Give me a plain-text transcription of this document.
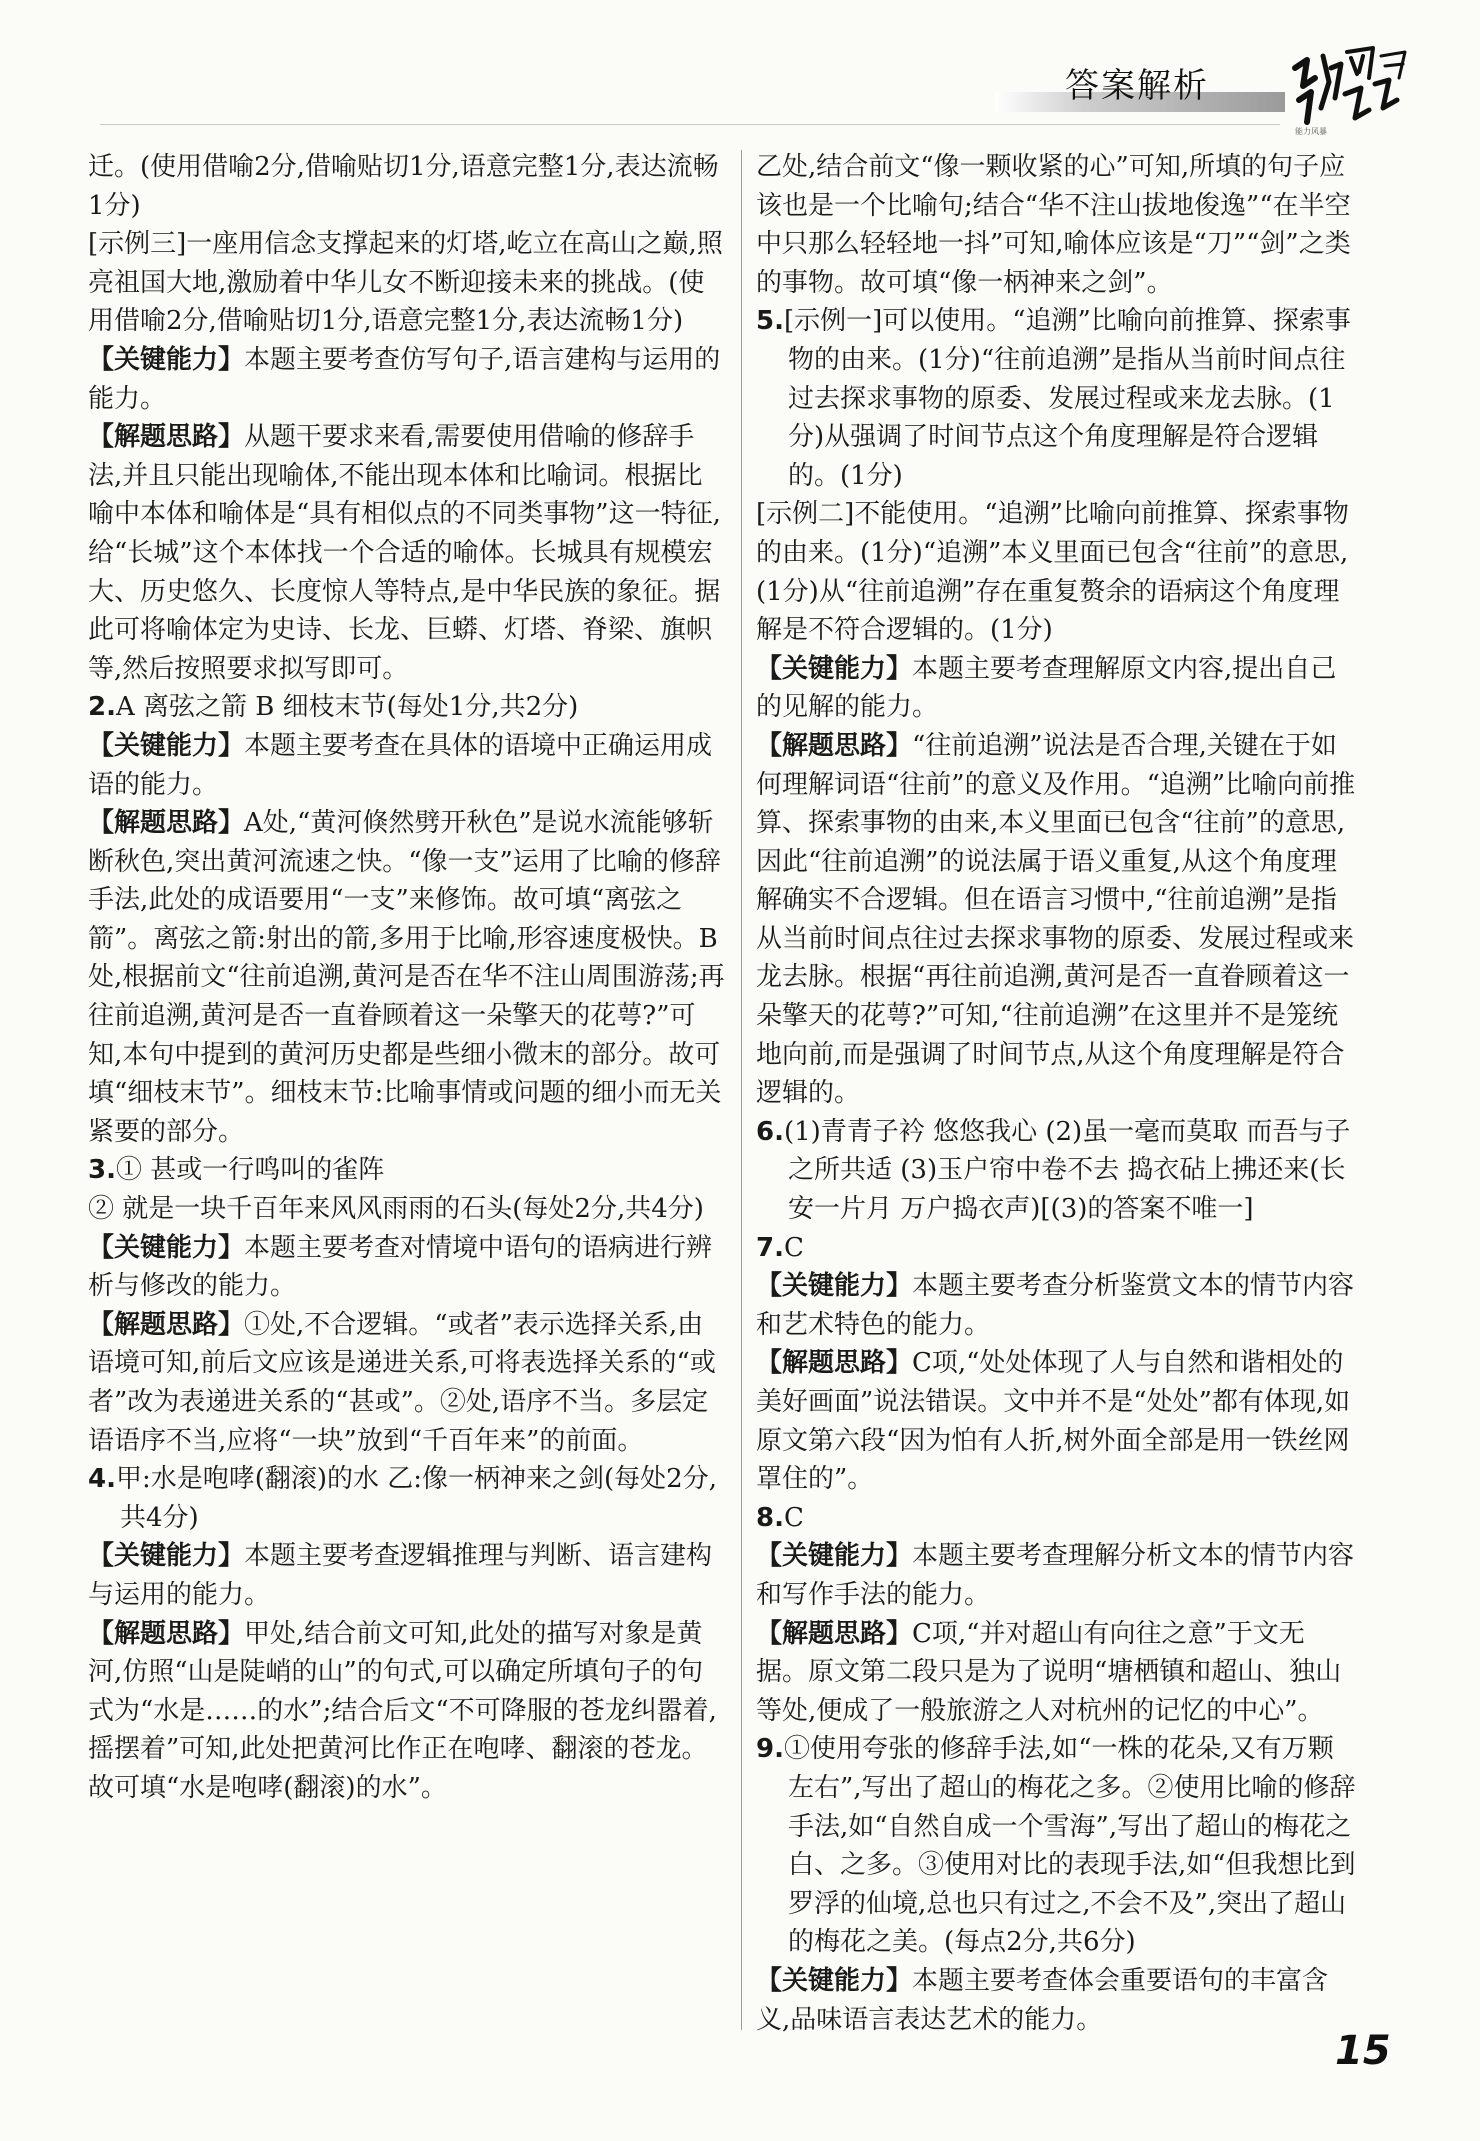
答案解析
能力风暴

迁。(使用借喻2分,借喻贴切1分,语意完整1分,表达流畅1分)

[示例三]一座用信念支撑起来的灯塔,屹立在高山之巅,照亮祖国大地,激励着中华儿女不断迎接未来的挑战。(使用借喻2分,借喻贴切1分,语意完整1分,表达流畅1分)

【关键能力】本题主要考查仿写句子,语言建构与运用的能力。

【解题思路】从题干要求来看,需要使用借喻的修辞手法,并且只能出现喻体,不能出现本体和比喻词。根据比喻中本体和喻体是“具有相似点的不同类事物”这一特征,给“长城”这个本体找一个合适的喻体。长城具有规模宏大、历史悠久、长度惊人等特点,是中华民族的象征。据此可将喻体定为史诗、长龙、巨蟒、灯塔、脊梁、旗帜等,然后按照要求拟写即可。

2.A 离弦之箭 B 细枝末节(每处1分,共2分)

【关键能力】本题主要考查在具体的语境中正确运用成语的能力。

【解题思路】A处,“黄河倏然劈开秋色”是说水流能够斩断秋色,突出黄河流速之快。“像一支”运用了比喻的修辞手法,此处的成语要用“一支”来修饰。故可填“离弦之箭”。离弦之箭:射出的箭,多用于比喻,形容速度极快。B处,根据前文“往前追溯,黄河是否在华不注山周围游荡;再往前追溯,黄河是否一直眷顾着这一朵擎天的花萼?”可知,本句中提到的黄河历史都是些细小微末的部分。故可填“细枝末节”。细枝末节:比喻事情或问题的细小而无关紧要的部分。

3.① 甚或一行鸣叫的雀阵

② 就是一块千百年来风风雨雨的石头(每处2分,共4分)

【关键能力】本题主要考查对情境中语句的语病进行辨析与修改的能力。

【解题思路】①处,不合逻辑。“或者”表示选择关系,由语境可知,前后文应该是递进关系,可将表选择关系的“或者”改为表递进关系的“甚或”。②处,语序不当。多层定语语序不当,应将“一块”放到“千百年来”的前面。

4.甲:水是咆哮(翻滚)的水 乙:像一柄神来之剑(每处2分,共4分)

【关键能力】本题主要考查逻辑推理与判断、语言建构与运用的能力。

【解题思路】甲处,结合前文可知,此处的描写对象是黄河,仿照“山是陡峭的山”的句式,可以确定所填句子的句式为“水是……的水”;结合后文“不可降服的苍龙纠嚣着,摇摆着”可知,此处把黄河比作正在咆哮、翻滚的苍龙。故可填“水是咆哮(翻滚)的水”。

乙处,结合前文“像一颗收紧的心”可知,所填的句子应该也是一个比喻句;结合“华不注山拔地俊逸”“在半空中只那么轻轻地一抖”可知,喻体应该是“刀”“剑”之类的事物。故可填“像一柄神来之剑”。

5.[示例一]可以使用。“追溯”比喻向前推算、探索事物的由来。(1分)“往前追溯”是指从当前时间点往过去探求事物的原委、发展过程或来龙去脉。(1分)从强调了时间节点这个角度理解是符合逻辑的。(1分)

[示例二]不能使用。“追溯”比喻向前推算、探索事物的由来。(1分)“追溯”本义里面已包含“往前”的意思,(1分)从“往前追溯”存在重复赘余的语病这个角度理解是不符合逻辑的。(1分)

【关键能力】本题主要考查理解原文内容,提出自己的见解的能力。

【解题思路】“往前追溯”说法是否合理,关键在于如何理解词语“往前”的意义及作用。“追溯”比喻向前推算、探索事物的由来,本义里面已包含“往前”的意思,因此“往前追溯”的说法属于语义重复,从这个角度理解确实不合逻辑。但在语言习惯中,“往前追溯”是指从当前时间点往过去探求事物的原委、发展过程或来龙去脉。根据“再往前追溯,黄河是否一直眷顾着这一朵擎天的花萼?”可知,“往前追溯”在这里并不是笼统地向前,而是强调了时间节点,从这个角度理解是符合逻辑的。

6.(1)青青子衿 悠悠我心 (2)虽一毫而莫取 而吾与子之所共适 (3)玉户帘中卷不去 捣衣砧上拂还来(长安一片月 万户捣衣声)[(3)的答案不唯一]

7.C

【关键能力】本题主要考查分析鉴赏文本的情节内容和艺术特色的能力。

【解题思路】C项,“处处体现了人与自然和谐相处的美好画面”说法错误。文中并不是“处处”都有体现,如原文第六段“因为怕有人折,树外面全部是用一铁丝网罩住的”。

8.C

【关键能力】本题主要考查理解分析文本的情节内容和写作手法的能力。

【解题思路】C项,“并对超山有向往之意”于文无据。原文第二段只是为了说明“塘栖镇和超山、独山等处,便成了一般旅游之人对杭州的记忆的中心”。

9.①使用夸张的修辞手法,如“一株的花朵,又有万颗左右”,写出了超山的梅花之多。②使用比喻的修辞手法,如“自然自成一个雪海”,写出了超山的梅花之白、之多。③使用对比的表现手法,如“但我想比到罗浮的仙境,总也只有过之,不会不及”,突出了超山的梅花之美。(每点2分,共6分)

【关键能力】本题主要考查体会重要语句的丰富含义,品味语言表达艺术的能力。

15
